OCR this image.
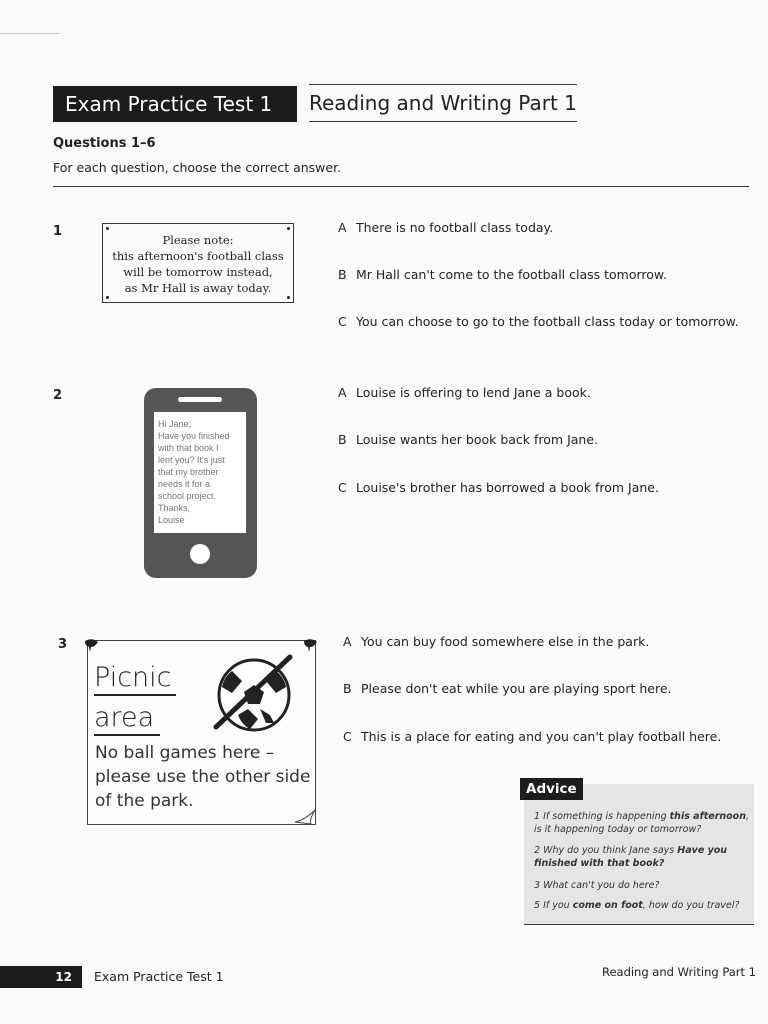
Exam Practice Test 1	Reading and Writing Part 1
Questions 1–6
For each question, choose the correct answer.
1
Please note:
this afternoon's football class
will be tomorrow instead,
as Mr Hall is away today.
A There is no football class today.
B Mr Hall can't come to the football class tomorrow.
C You can choose to go to the football class today or tomorrow.
2
Hi Jane,
Have you finished
with that book I
lent you? It's just
that my brother
needs it for a
school project.
Thanks,
Louise
A Louise is offering to lend Jane a book.
B Louise wants her book back from Jane.
C Louise's brother has borrowed a book from Jane.
3
Picnic
area
No ball games here – please use the other side of the park.
A You can buy food somewhere else in the park.
B Please don't eat while you are playing sport here.
C This is a place for eating and you can't play football here.
Advice
1 If something is happening this afternoon, is it happening today or tomorrow?
2 Why do you think Jane says Have you finished with that book?
3 What can't you do here?
5 If you come on foot, how do you travel?
12	Exam Practice Test 1	Reading and Writing Part 1
